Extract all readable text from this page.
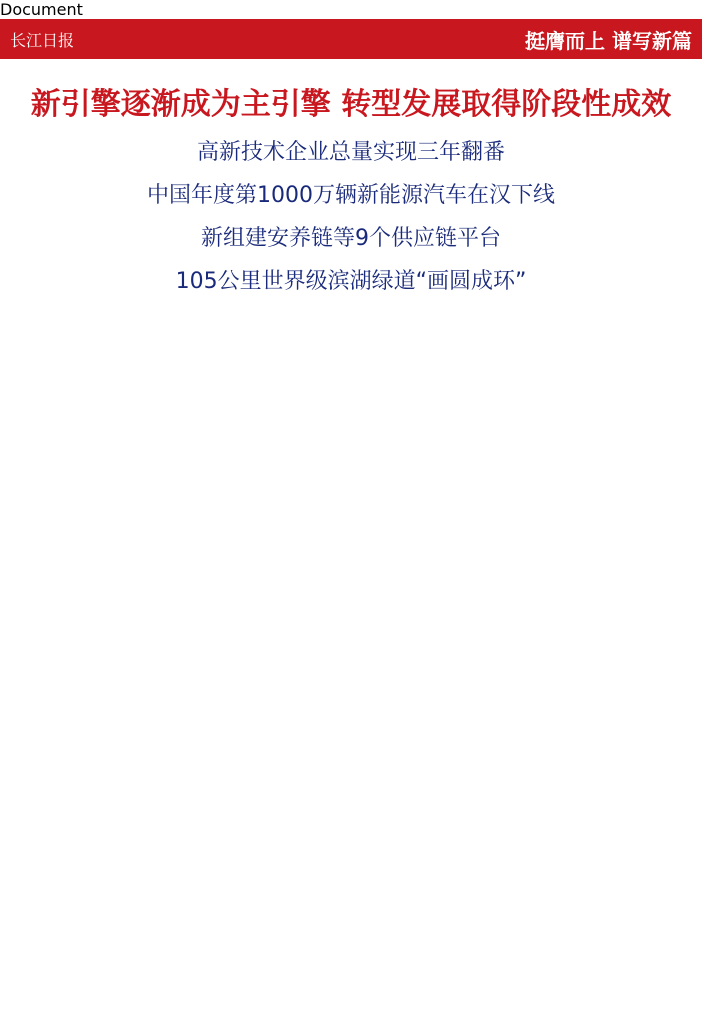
Document
长江日报	挺膺而上 谱写新篇
新引擎逐渐成为主引擎 转型发展取得阶段性成效
高新技术企业总量实现三年翻番
中国年度第1000万辆新能源汽车在汉下线
新组建安养链等9个供应链平台
105公里世界级滨湖绿道“画圆成环”
